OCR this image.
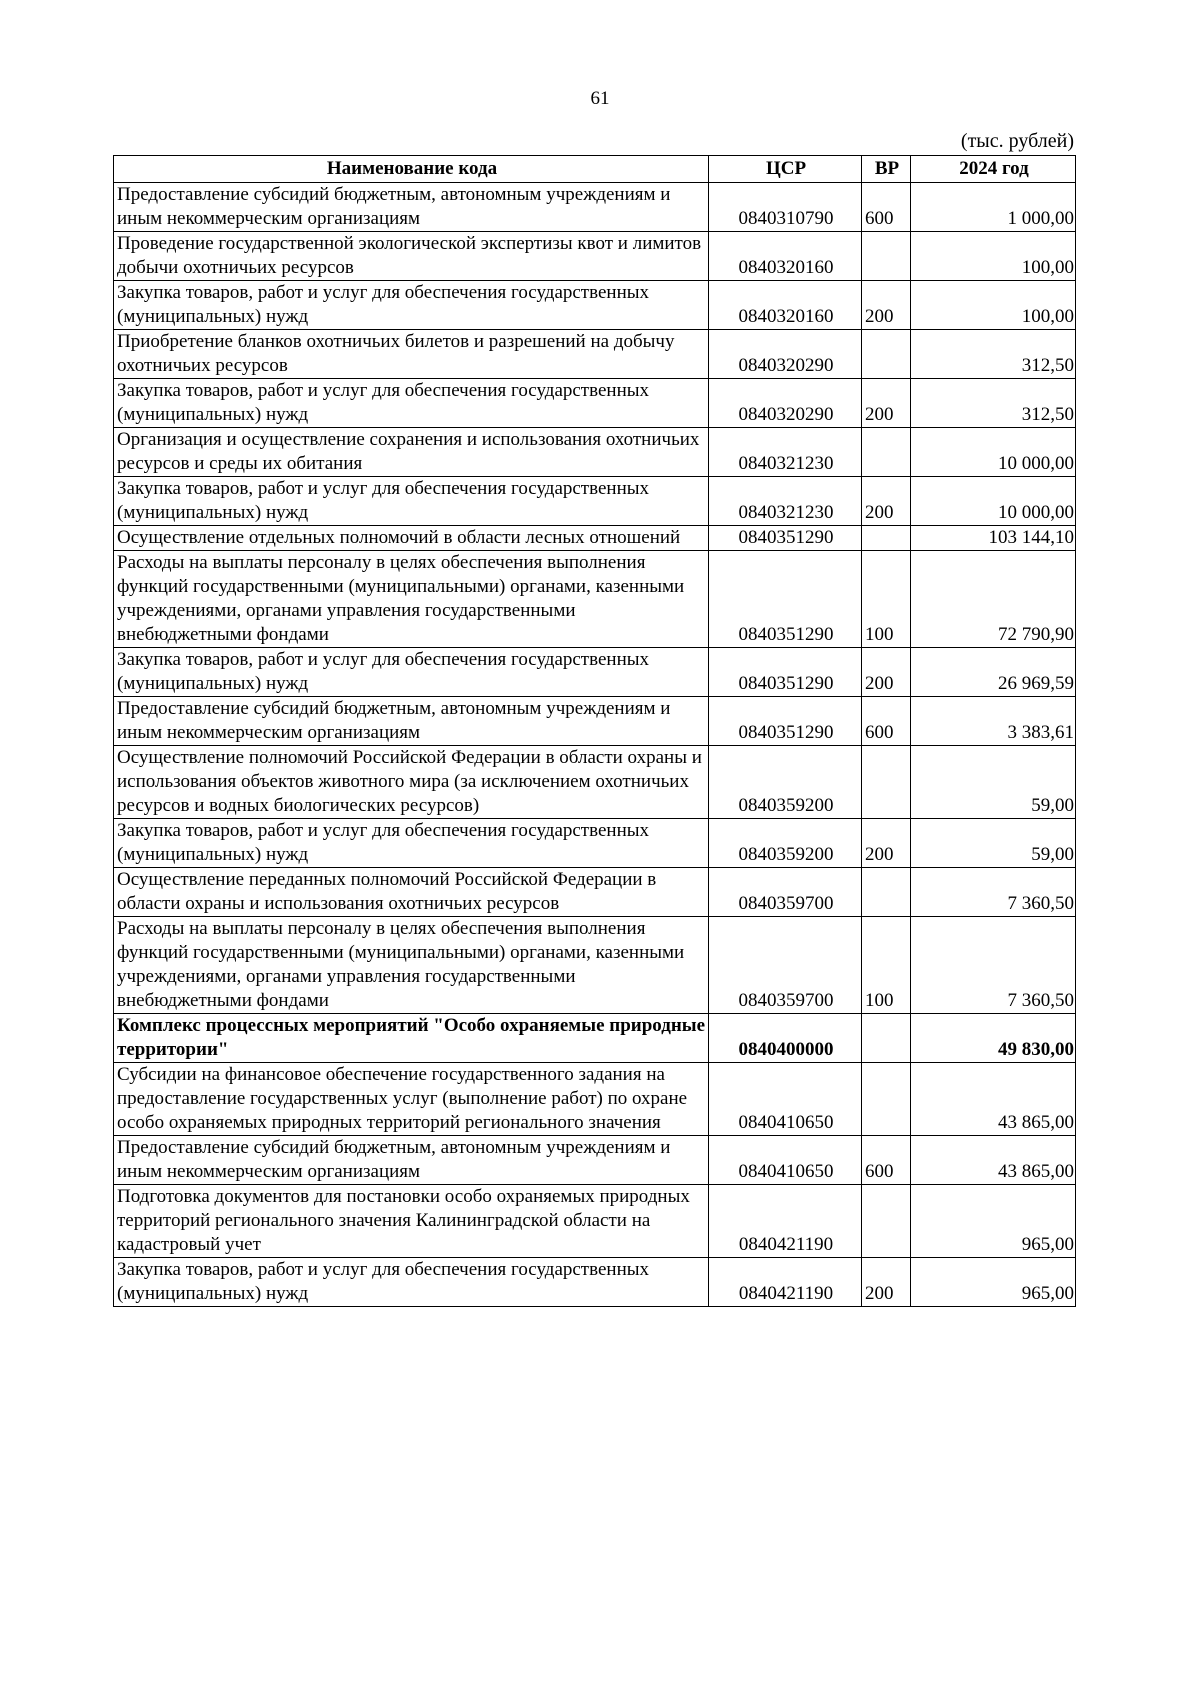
61
(тыс. рублей)
Наименование кода	ЦСР	ВР	2024 год
Предоставление субсидий бюджетным, автономным учреждениям и иным некоммерческим организациям	0840310790	600	1 000,00
Проведение государственной экологической экспертизы квот и лимитов добычи охотничьих ресурсов	0840320160		100,00
Закупка товаров, работ и услуг для обеспечения государственных (муниципальных) нужд	0840320160	200	100,00
Приобретение бланков охотничьих билетов и разрешений на добычу охотничьих ресурсов	0840320290		312,50
Закупка товаров, работ и услуг для обеспечения государственных (муниципальных) нужд	0840320290	200	312,50
Организация и осуществление сохранения и использования охотничьих ресурсов и среды их обитания	0840321230		10 000,00
Закупка товаров, работ и услуг для обеспечения государственных (муниципальных) нужд	0840321230	200	10 000,00
Осуществление отдельных полномочий в области лесных отношений	0840351290		103 144,10
Расходы на выплаты персоналу в целях обеспечения выполнения функций государственными (муниципальными) органами, казенными учреждениями, органами управления государственными внебюджетными фондами	0840351290	100	72 790,90
Закупка товаров, работ и услуг для обеспечения государственных (муниципальных) нужд	0840351290	200	26 969,59
Предоставление субсидий бюджетным, автономным учреждениям и иным некоммерческим организациям	0840351290	600	3 383,61
Осуществление полномочий Российской Федерации в области охраны и использования объектов животного мира (за исключением охотничьих ресурсов и водных биологических ресурсов)	0840359200		59,00
Закупка товаров, работ и услуг для обеспечения государственных (муниципальных) нужд	0840359200	200	59,00
Осуществление переданных полномочий Российской Федерации в области охраны и использования охотничьих ресурсов	0840359700		7 360,50
Расходы на выплаты персоналу в целях обеспечения выполнения функций государственными (муниципальными) органами, казенными учреждениями, органами управления государственными внебюджетными фондами	0840359700	100	7 360,50
Комплекс процессных мероприятий "Особо охраняемые природные территории"	0840400000		49 830,00
Субсидии на финансовое обеспечение государственного задания на предоставление государственных услуг (выполнение работ) по охране особо охраняемых природных территорий регионального значения	0840410650		43 865,00
Предоставление субсидий бюджетным, автономным учреждениям и иным некоммерческим организациям	0840410650	600	43 865,00
Подготовка документов для постановки особо охраняемых природных территорий регионального значения Калининградской области на кадастровый учет	0840421190		965,00
Закупка товаров, работ и услуг для обеспечения государственных (муниципальных) нужд	0840421190	200	965,00
